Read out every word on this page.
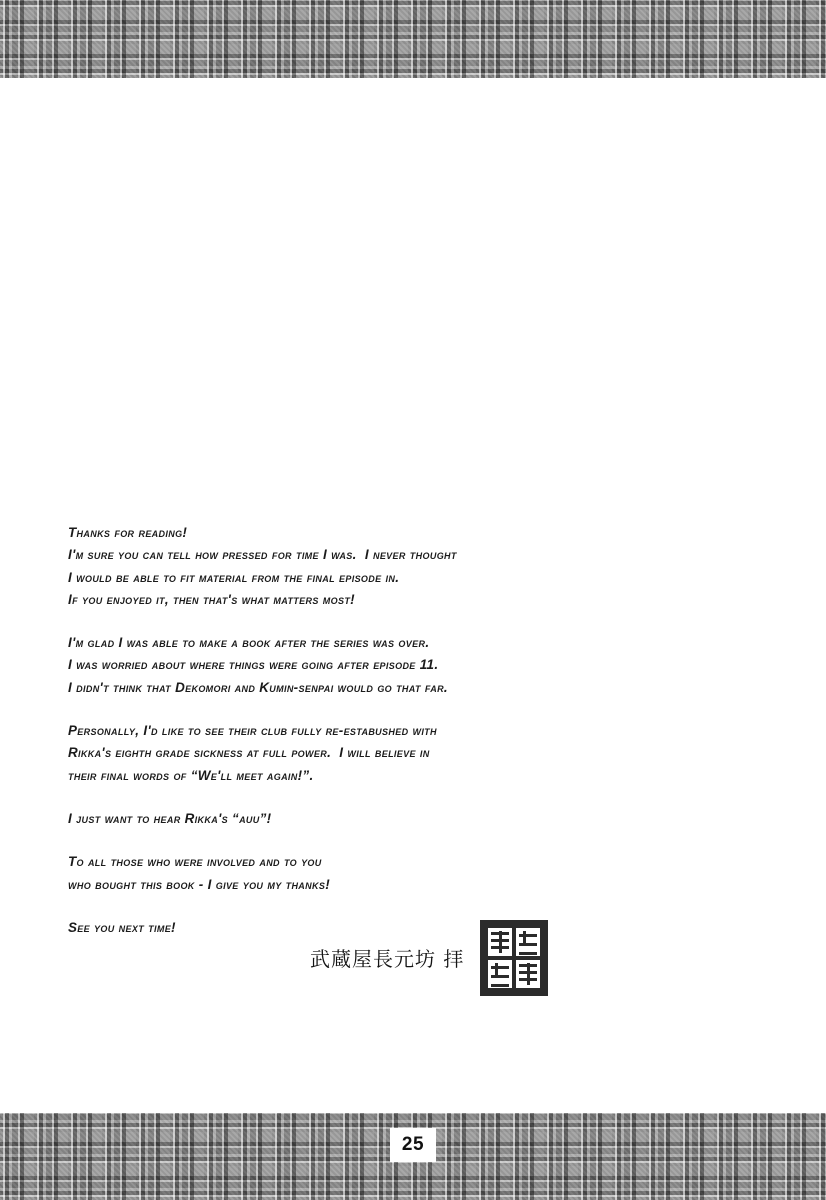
Thanks for reading!
I'm sure you can tell how pressed for time I was.  I never thought
I would be able to fit material from the final episode in.
If you enjoyed it, then that's what matters most!
I'm glad I was able to make a book after the series was over.
I was worried about where things were going after episode 11.
I didn't think that Dekomori and Kumin-senpai would go that far.
Personally, I'd like to see their club fully re-estabushed with
Rikka's eighth grade sickness at full power.  I will believe in
their final words of “We'll meet again!”.
I just want to hear Rikka's “auu”!
To all those who were involved and to you
who bought this book - I give you my thanks!
See you next time!
武蔵屋長元坊 拝
25
